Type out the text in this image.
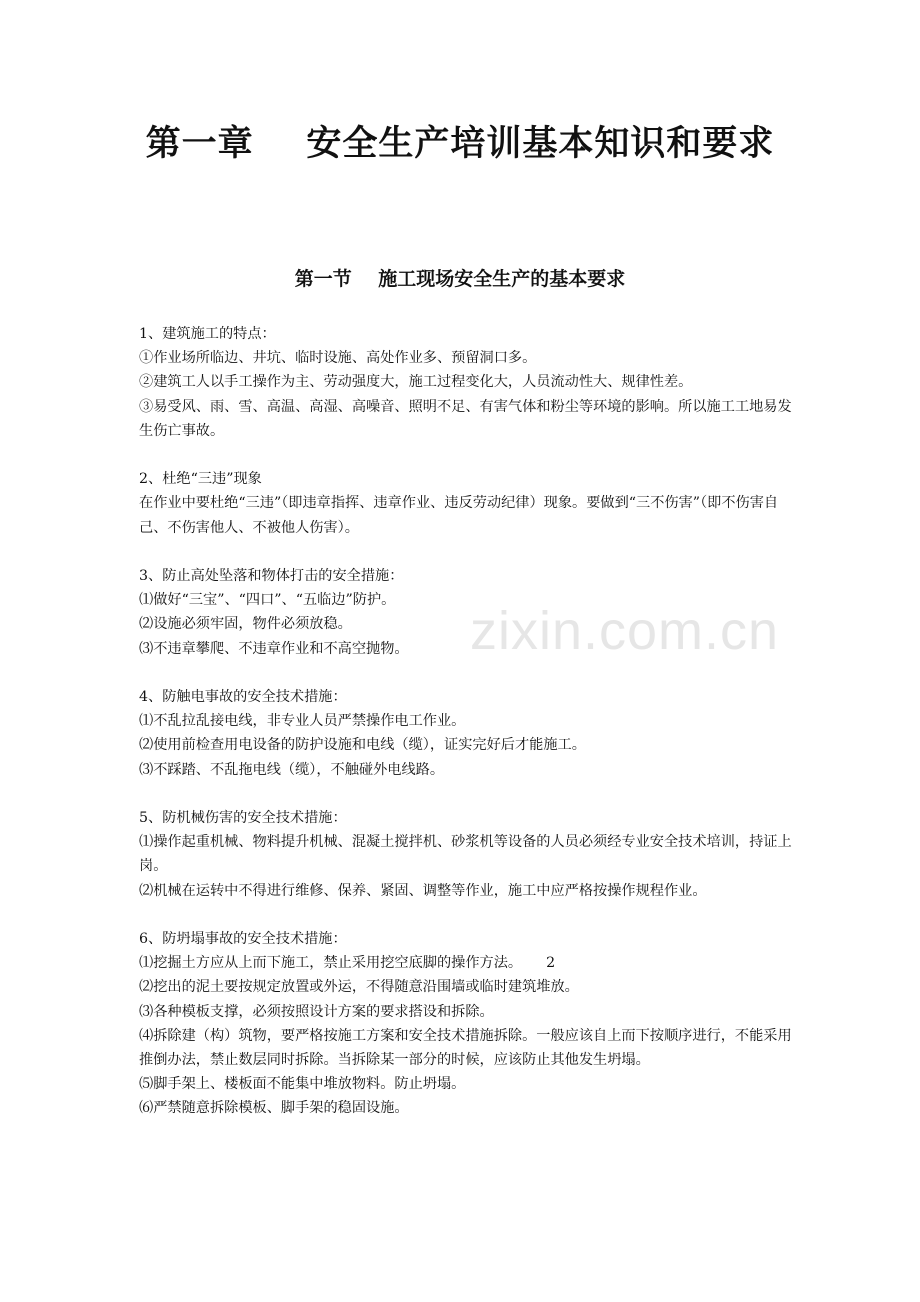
zixin.com.cn
第一章    安全生产培训基本知识和要求
第一节    施工现场安全生产的基本要求
1、建筑施工的特点：
①作业场所临边、井坑、临时设施、高处作业多、预留洞口多。
②建筑工人以手工操作为主、劳动强度大，施工过程变化大，人员流动性大、规律性差。
③易受风、雨、雪、高温、高湿、高噪音、照明不足、有害气体和粉尘等环境的影响。所以施工工地易发生伤亡事故。
2、杜绝“三违”现象
在作业中要杜绝“三违”（即违章指挥、违章作业、违反劳动纪律）现象。要做到“三不伤害”（即不伤害自己、不伤害他人、不被他人伤害）。
3、防止高处坠落和物体打击的安全措施：
⑴做好“三宝”、“四口”、“五临边”防护。
⑵设施必须牢固，物件必须放稳。
⑶不违章攀爬、不违章作业和不高空抛物。
4、防触电事故的安全技术措施：
⑴不乱拉乱接电线，非专业人员严禁操作电工作业。
⑵使用前检查用电设备的防护设施和电线（缆），证实完好后才能施工。
⑶不踩踏、不乱拖电线（缆），不触碰外电线路。
5、防机械伤害的安全技术措施：
⑴操作起重机械、物料提升机械、混凝土搅拌机、砂浆机等设备的人员必须经专业安全技术培训，持证上岗。
⑵机械在运转中不得进行维修、保养、紧固、调整等作业，施工中应严格按操作规程作业。
6、防坍塌事故的安全技术措施：
⑴挖掘土方应从上而下施工，禁止采用挖空底脚的操作方法。 2
⑵挖出的泥土要按规定放置或外运，不得随意沿围墙或临时建筑堆放。
⑶各种模板支撑，必须按照设计方案的要求搭设和拆除。
⑷拆除建（构）筑物，要严格按施工方案和安全技术措施拆除。一般应该自上而下按顺序进行，不能采用推倒办法，禁止数层同时拆除。当拆除某一部分的时候，应该防止其他发生坍塌。
⑸脚手架上、楼板面不能集中堆放物料。防止坍塌。
⑹严禁随意拆除模板、脚手架的稳固设施。
